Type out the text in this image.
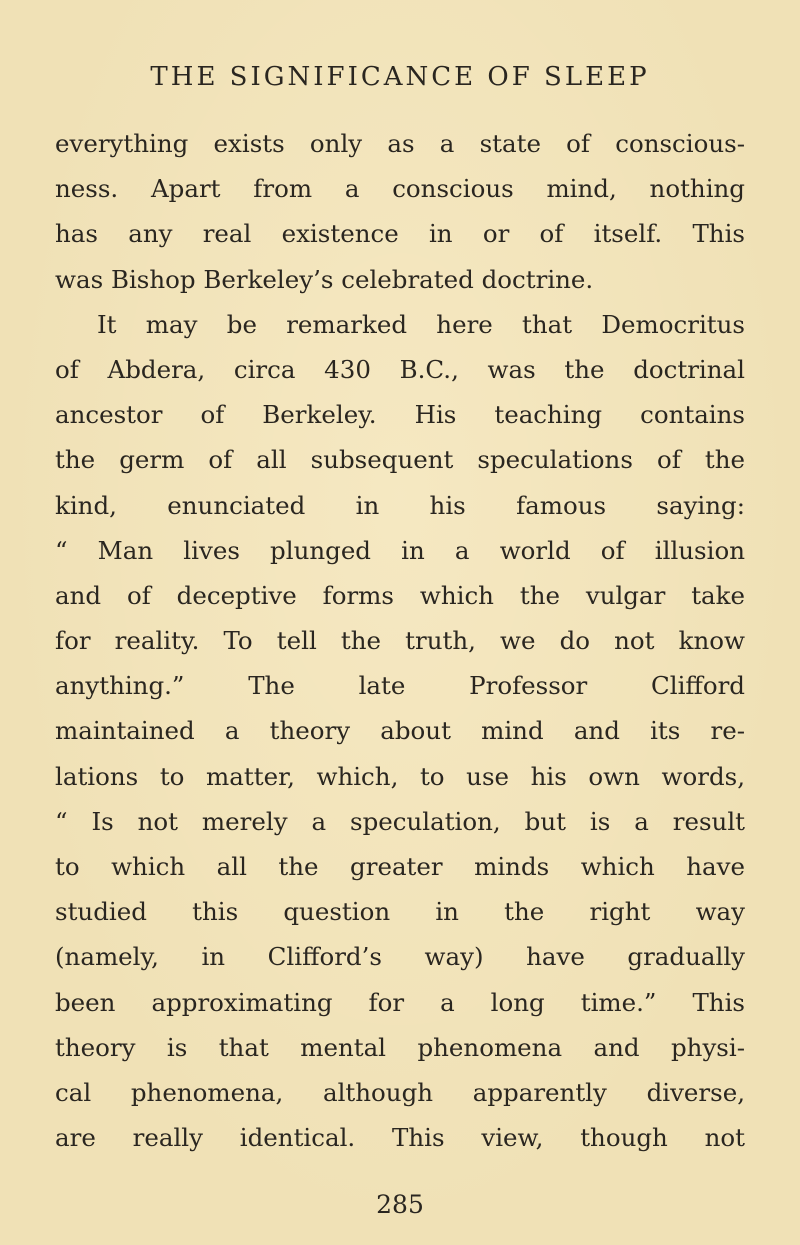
THE SIGNIFICANCE OF SLEEP
everything exists only as a state of conscious-
ness. Apart from a conscious mind, nothing
has any real existence in or of itself. This
was Bishop Berkeley’s celebrated doctrine.
It may be remarked here that Democritus
of Abdera, circa 430 B.C., was the doctrinal
ancestor of Berkeley. His teaching contains
the germ of all subsequent speculations of the
kind, enunciated in his famous saying:
“ Man lives plunged in a world of illusion
and of deceptive forms which the vulgar take
for reality. To tell the truth, we do not know
anything.” The late Professor Clifford
maintained a theory about mind and its re-
lations to matter, which, to use his own words,
“ Is not merely a speculation, but is a result
to which all the greater minds which have
studied this question in the right way
(namely, in Clifford’s way) have gradually
been approximating for a long time.” This
theory is that mental phenomena and physi-
cal phenomena, although apparently diverse,
are really identical. This view, though not
285
